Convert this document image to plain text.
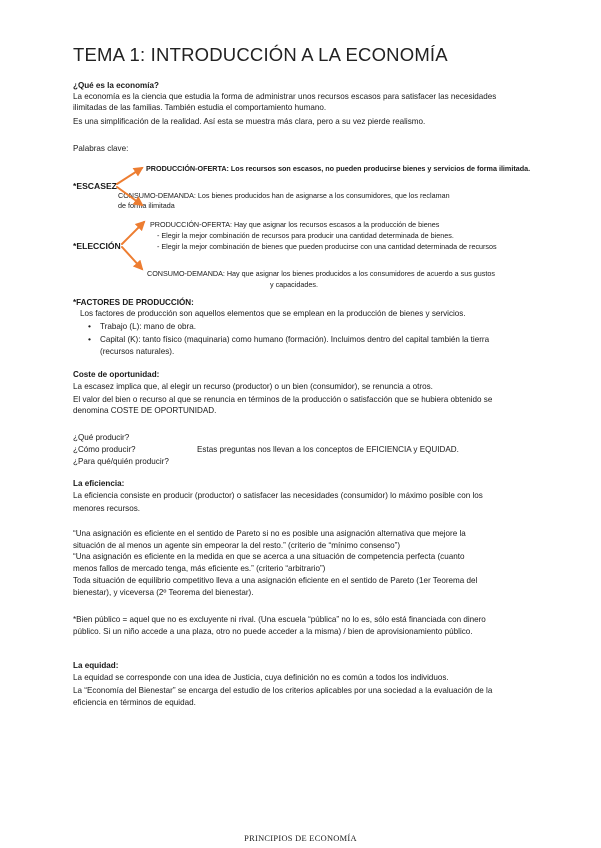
TEMA 1: INTRODUCCIÓN A LA ECONOMÍA
¿Qué es la economía?
La economía es la ciencia que estudia la forma de administrar unos recursos escasos para satisfacer las necesidades
ilimitadas de las familias. También estudia el comportamiento humano.
Es una simplificación de la realidad. Así esta se muestra más clara, pero a su vez pierde realismo.
Palabras clave:
PRODUCCIÓN-OFERTA: Los recursos son escasos, no pueden producirse bienes y servicios de forma ilimitada.
*ESCASEZ
CONSUMO-DEMANDA: Los bienes producidos han de asignarse a los consumidores, que los reclaman
de forma ilimitada
PRODUCCIÓN-OFERTA: Hay que asignar los recursos escasos a la producción de bienes
- Elegir la mejor combinación de recursos para producir una cantidad determinada de bienes.
*ELECCIÓN	- Elegir la mejor combinación de bienes que pueden producirse con una cantidad determinada de recursos
CONSUMO-DEMANDA: Hay que asignar los bienes producidos a los consumidores de acuerdo a sus gustos
y capacidades.
*FACTORES DE PRODUCCIÓN:
Los factores de producción son aquellos elementos que se emplean en la producción de bienes y servicios.
• Trabajo (L): mano de obra.
• Capital (K): tanto físico (maquinaria) como humano (formación). Incluimos dentro del capital también la tierra
(recursos naturales).
Coste de oportunidad:
La escasez implica que, al elegir un recurso (productor) o un bien (consumidor), se renuncia a otros.
El valor del bien o recurso al que se renuncia en términos de la producción o satisfacción que se hubiera obtenido se
denomina COSTE DE OPORTUNIDAD.
¿Qué producir?
¿Cómo producir?	Estas preguntas nos llevan a los conceptos de EFICIENCIA y EQUIDAD.
¿Para qué/quién producir?
La eficiencia:
La eficiencia consiste en producir (productor) o satisfacer las necesidades (consumidor) lo máximo posible con los
menores recursos.
“Una asignación es eficiente en el sentido de Pareto si no es posible una asignación alternativa que mejore la
situación de al menos un agente sin empeorar la del resto.” (criterio de “mínimo consenso”)
“Una asignación es eficiente en la medida en que se acerca a una situación de competencia perfecta (cuanto
menos fallos de mercado tenga, más eficiente es.” (criterio “arbitrario”)
Toda situación de equilibrio competitivo lleva a una asignación eficiente en el sentido de Pareto (1er Teorema del
bienestar), y viceversa (2º Teorema del bienestar).
*Bien público = aquel que no es excluyente ni rival. (Una escuela “pública” no lo es, sólo está financiada con dinero
público. Si un niño accede a una plaza, otro no puede acceder a la misma) / bien de aprovisionamiento público.
La equidad:
La equidad se corresponde con una idea de Justicia, cuya definición no es común a todos los individuos.
La “Economía del Bienestar” se encarga del estudio de los criterios aplicables por una sociedad a la evaluación de la
eficiencia en términos de equidad.
PRINCIPIOS DE ECONOMÍA
